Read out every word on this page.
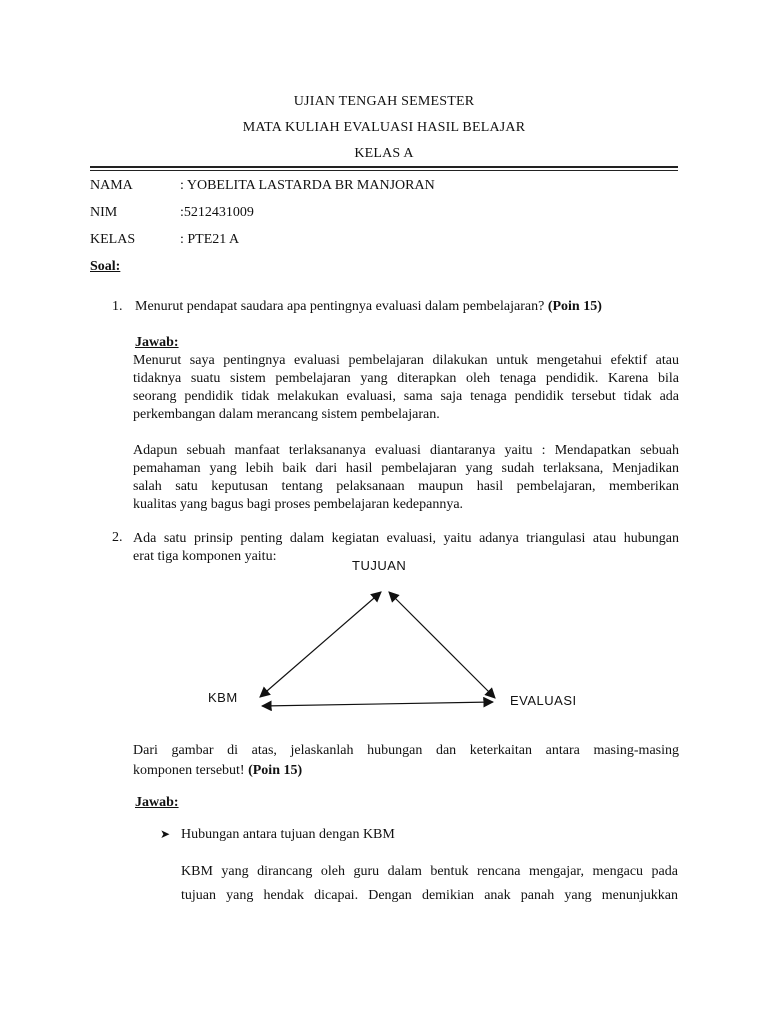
UJIAN TENGAH SEMESTER
MATA KULIAH EVALUASI HASIL BELAJAR
KELAS A
NAMA	: YOBELITA LASTARDA BR MANJORAN
NIM	:5212431009
KELAS	: PTE21 A
Soal:
1. Menurut pendapat saudara apa pentingnya evaluasi dalam pembelajaran? (Poin 15)
Jawab:
Menurut saya pentingnya evaluasi pembelajaran dilakukan untuk mengetahui efektif atau
tidaknya suatu sistem pembelajaran yang diterapkan oleh tenaga pendidik. Karena bila
seorang pendidik tidak melakukan evaluasi, sama saja tenaga pendidik tersebut tidak ada
perkembangan dalam merancang sistem pembelajaran.
Adapun sebuah manfaat terlaksananya evaluasi diantaranya yaitu : Mendapatkan sebuah
pemahaman yang lebih baik dari hasil pembelajaran yang sudah terlaksana, Menjadikan
salah satu keputusan tentang pelaksanaan maupun hasil pembelajaran, memberikan
kualitas yang bagus bagi proses pembelajaran kedepannya.
2. Ada satu prinsip penting dalam kegiatan evaluasi, yaitu adanya triangulasi atau hubungan
erat tiga komponen yaitu:
TUJUAN
KBM	EVALUASI
Dari gambar di atas, jelaskanlah hubungan dan keterkaitan antara masing-masing
komponen tersebut! (Poin 15)
Jawab:
➤ Hubungan antara tujuan dengan KBM
KBM yang dirancang oleh guru dalam bentuk rencana mengajar, mengacu pada
tujuan yang hendak dicapai. Dengan demikian anak panah yang menunjukkan
